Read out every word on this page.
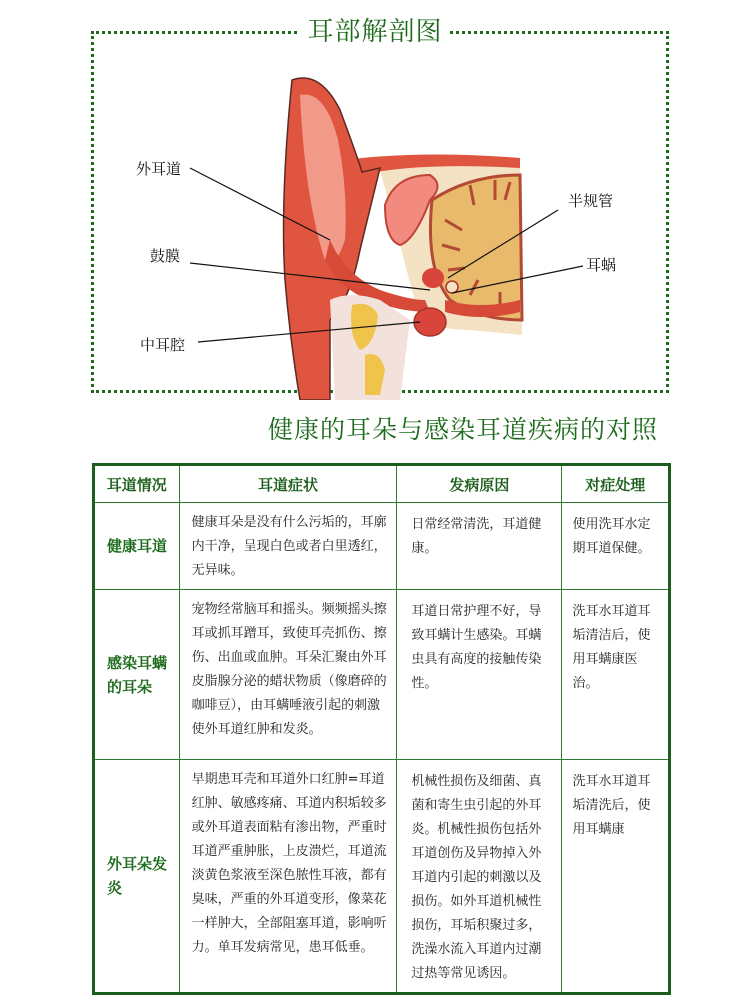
耳部解剖图
外耳道
鼓膜
中耳腔
半规管
耳蜗
健康的耳朵与感染耳道疾病的对照
耳道情况	耳道症状	发病原因	对症处理
健康耳道	健康耳朵是没有什么污垢的，耳廓内干净，呈现白色或者白里透红，无异味。	日常经常清洗，耳道健康。	使用洗耳水定期耳道保健。
感染耳螨的耳朵	宠物经常脑耳和摇头。频频摇头擦耳或抓耳蹭耳，致使耳壳抓伤、擦伤、出血或血肿。耳朵汇聚由外耳皮脂腺分泌的蜡状物质（像磨碎的咖啡豆），由耳螨唾液引起的刺激使外耳道红肿和发炎。	耳道日常护理不好，导致耳螨计生感染。耳螨虫具有高度的接触传染性。	洗耳水耳道耳垢清洁后，使用耳螨康医治。
外耳朵发炎	早期患耳壳和耳道外口红肿=耳道红肿、敏感疼痛、耳道内积垢较多或外耳道表面粘有渗出物，严重时耳道严重肿胀，上皮溃烂，耳道流淡黄色浆液至深色脓性耳液，都有臭味，严重的外耳道变形，像菜花一样肿大，全部阻塞耳道，影响听力。单耳发病常见，患耳低垂。	机械性损伤及细菌、真菌和寄生虫引起的外耳炎。机械性损伤包括外耳道创伤及异物掉入外耳道内引起的刺激以及损伤。如外耳道机械性损伤，耳垢积聚过多，洗澡水流入耳道内过潮过热等常见诱因。	洗耳水耳道耳垢清洗后，使用耳螨康
